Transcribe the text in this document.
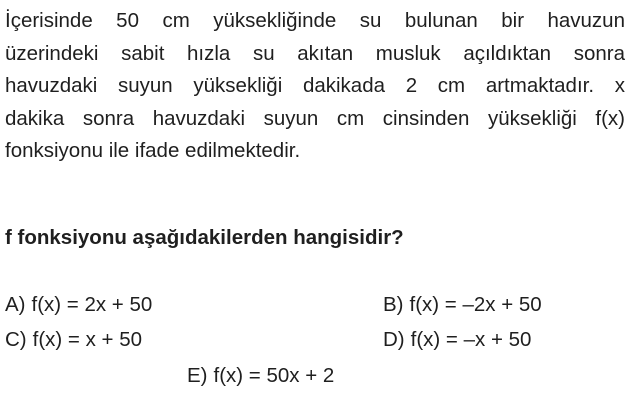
İçerisinde 50 cm yüksekliğinde su bulunan bir havuzun
üzerindeki sabit hızla su akıtan musluk açıldıktan sonra
havuzdaki suyun yüksekliği dakikada 2 cm artmaktadır. x
dakika sonra havuzdaki suyun cm cinsinden yüksekliği f(x)
fonksiyonu ile ifade edilmektedir.

f fonksiyonu aşağıdakilerden hangisidir?

A) f(x) = 2x + 50	B) f(x) = –2x + 50
C) f(x) = x + 50	D) f(x) = –x + 50
E) f(x) = 50x + 2
